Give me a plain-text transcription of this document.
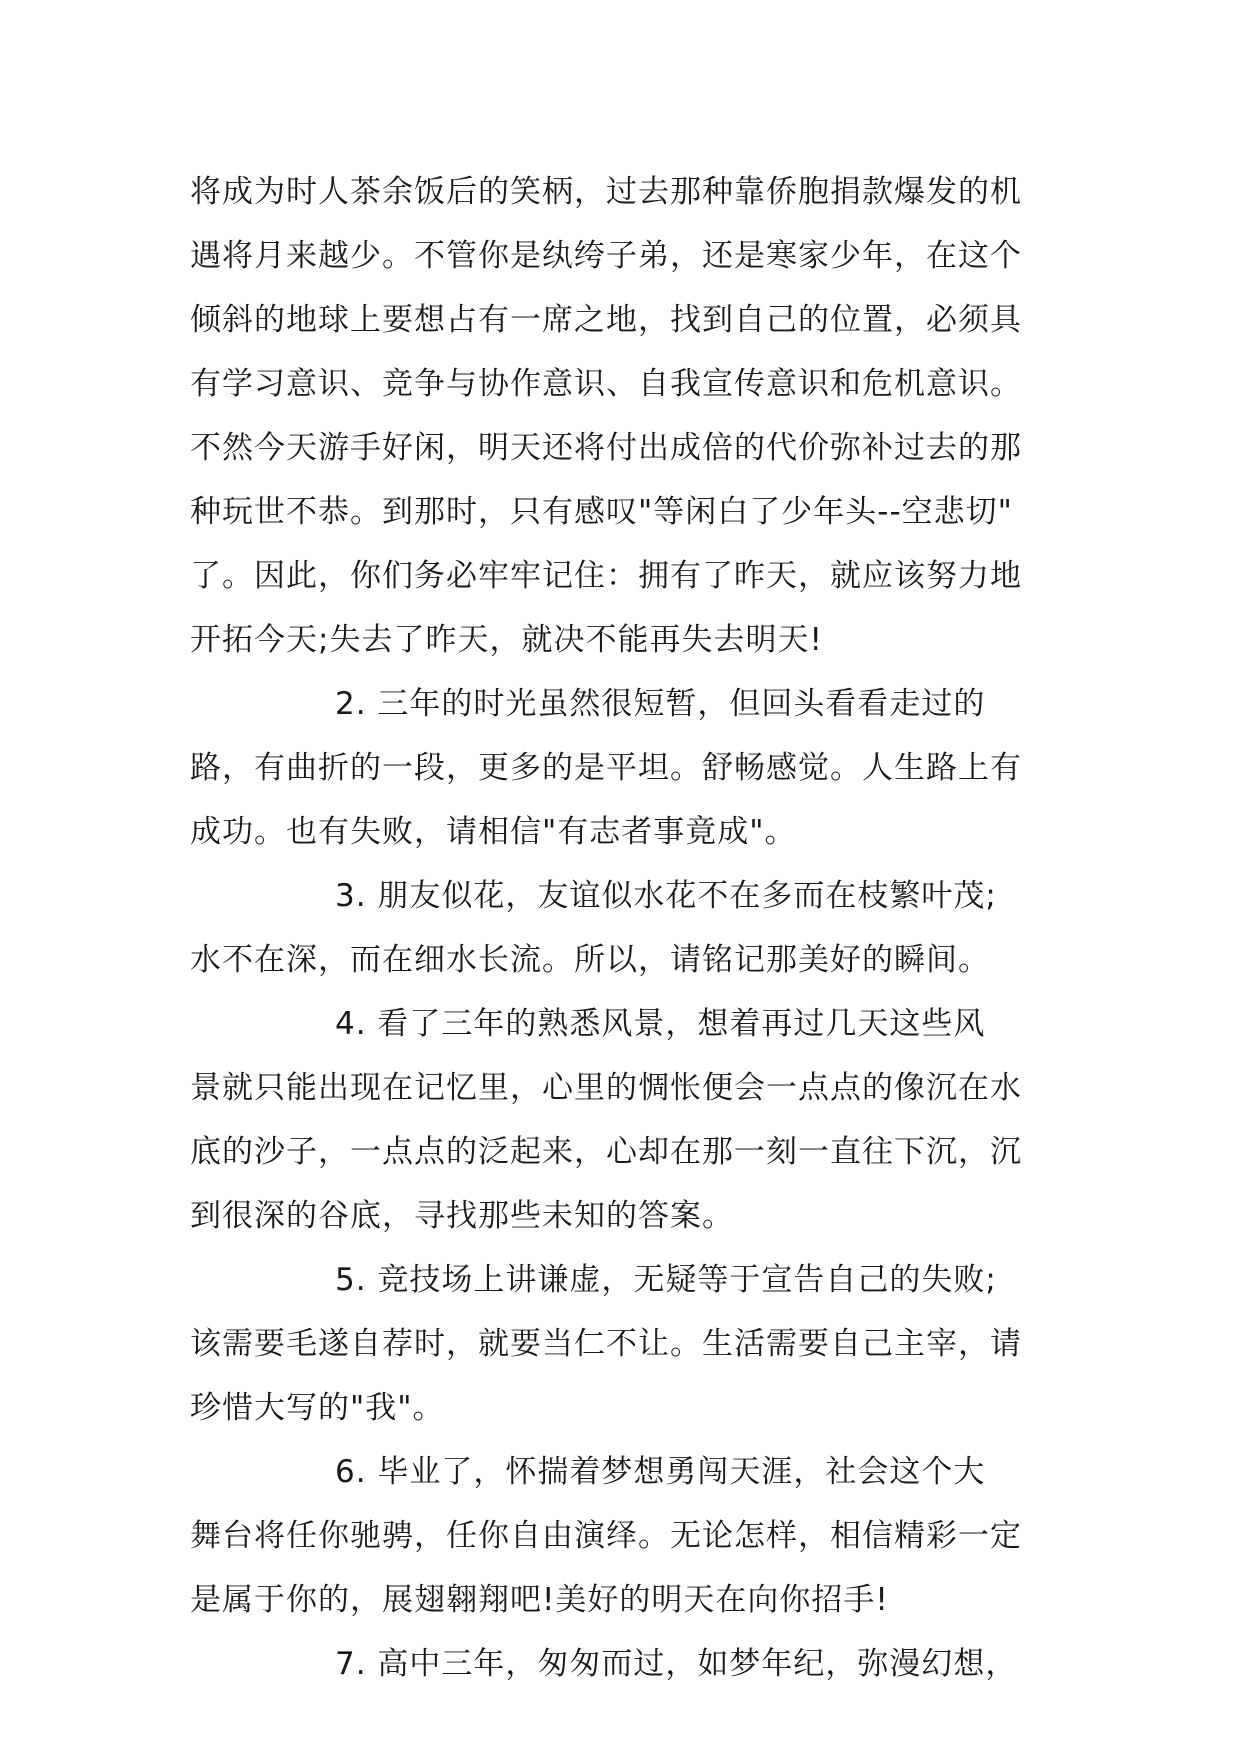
将成为时人茶余饭后的笑柄，过去那种靠侨胞捐款爆发的机
遇将月来越少。不管你是纨绔子弟，还是寒家少年，在这个
倾斜的地球上要想占有一席之地，找到自己的位置，必须具
有学习意识、竞争与协作意识、自我宣传意识和危机意识。
不然今天游手好闲，明天还将付出成倍的代价弥补过去的那
种玩世不恭。到那时，只有感叹"等闲白了少年头--空悲切"
了。因此，你们务必牢牢记住：拥有了昨天，就应该努力地
开拓今天;失去了昨天，就决不能再失去明天!
2. 三年的时光虽然很短暂，但回头看看走过的
路，有曲折的一段，更多的是平坦。舒畅感觉。人生路上有
成功。也有失败，请相信"有志者事竟成"。
3. 朋友似花，友谊似水花不在多而在枝繁叶茂;
水不在深，而在细水长流。所以，请铭记那美好的瞬间。
4. 看了三年的熟悉风景，想着再过几天这些风
景就只能出现在记忆里，心里的惆怅便会一点点的像沉在水
底的沙子，一点点的泛起来，心却在那一刻一直往下沉，沉
到很深的谷底，寻找那些未知的答案。
5. 竞技场上讲谦虚，无疑等于宣告自己的失败;
该需要毛遂自荐时，就要当仁不让。生活需要自己主宰，请
珍惜大写的"我"。
6. 毕业了，怀揣着梦想勇闯天涯，社会这个大
舞台将任你驰骋，任你自由演绎。无论怎样，相信精彩一定
是属于你的，展翅翱翔吧!美好的明天在向你招手!
7. 高中三年，匆匆而过，如梦年纪，弥漫幻想，
